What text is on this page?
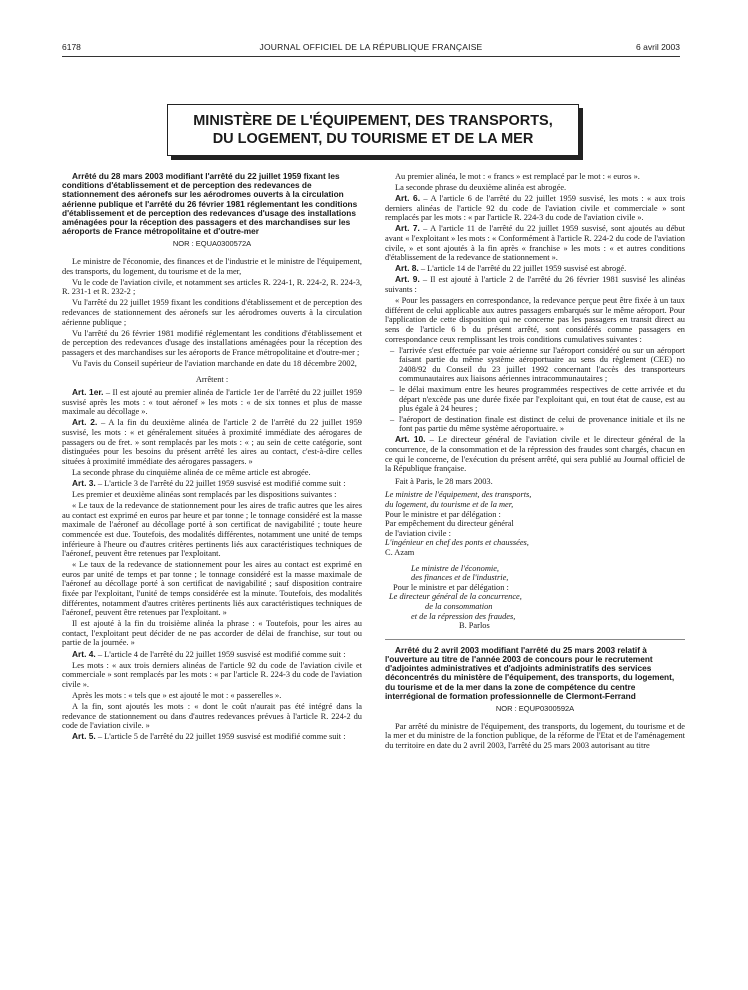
6178	JOURNAL OFFICIEL DE LA RÉPUBLIQUE FRANÇAISE	6 avril 2003
MINISTÈRE DE L'ÉQUIPEMENT, DES TRANSPORTS,
DU LOGEMENT, DU TOURISME ET DE LA MER

Arrêté du 28 mars 2003 modifiant l'arrêté du 22 juillet 1959 fixant les conditions d'établissement et de perception des redevances de stationnement des aéronefs sur les aérodromes ouverts à la circulation aérienne publique et l'arrêté du 26 février 1981 réglementant les conditions d'établissement et de perception des redevances d'usage des installations aménagées pour la réception des passagers et des marchandises sur les aéroports de France métropolitaine et d'outre-mer

NOR : EQUA0300572A

Le ministre de l'économie, des finances et de l'industrie et le ministre de l'équipement, des transports, du logement, du tourisme et de la mer,

Vu le code de l'aviation civile, et notamment ses articles R. 224-1, R. 224-2, R. 224-3, R. 231-1 et R. 232-2 ;

Vu l'arrêté du 22 juillet 1959 fixant les conditions d'établissement et de perception des redevances de stationnement des aéronefs sur les aérodromes ouverts à la circulation aérienne publique ;

Vu l'arrêté du 26 février 1981 modifié réglementant les conditions d'établissement et de perception des redevances d'usage des installations aménagées pour la réception des passagers et des marchandises sur les aéroports de France métropolitaine et d'outre-mer ;

Vu l'avis du Conseil supérieur de l'aviation marchande en date du 18 décembre 2002,

Arrêtent :

Art. 1er. – Il est ajouté au premier alinéa de l'article 1er de l'arrêté du 22 juillet 1959 susvisé après les mots : « tout aéronef » les mots : « de six tonnes et plus de masse maximale au décollage ».

Art. 2. – A la fin du deuxième alinéa de l'article 2 de l'arrêté du 22 juillet 1959 susvisé, les mots : « et généralement situées à proximité immédiate des aérogares de passagers ou de fret. » sont remplacés par les mots : « ; au sein de cette catégorie, sont distinguées pour les besoins du présent arrêté les aires au contact, c'est-à-dire celles situées à proximité immédiate des aérogares passagers. »

La seconde phrase du cinquième alinéa de ce même article est abrogée.

Art. 3. – L'article 3 de l'arrêté du 22 juillet 1959 susvisé est modifié comme suit :

Les premier et deuxième alinéas sont remplacés par les dispositions suivantes :

« Le taux de la redevance de stationnement pour les aires de trafic autres que les aires au contact est exprimé en euros par heure et par tonne ; le tonnage considéré est la masse maximale de l'aéronef au décollage porté à son certificat de navigabilité ; toute heure commencée est due. Toutefois, des modalités différentes, notamment une unité de temps inférieure à l'heure ou d'autres critères pertinents liés aux caractéristiques techniques de l'aéronef, peuvent être retenues par l'exploitant.

« Le taux de la redevance de stationnement pour les aires au contact est exprimé en euros par unité de temps et par tonne ; le tonnage considéré est la masse maximale de l'aéronef au décollage porté à son certificat de navigabilité ; sauf disposition contraire fixée par l'exploitant, l'unité de temps considérée est la minute. Toutefois, des modalités différentes, notamment d'autres critères pertinents liés aux caractéristiques techniques de l'aéronef, peuvent être retenues par l'exploitant. »

Il est ajouté à la fin du troisième alinéa la phrase : « Toutefois, pour les aires au contact, l'exploitant peut décider de ne pas accorder de délai de franchise, sur tout ou partie de la journée. »

Art. 4. – L'article 4 de l'arrêté du 22 juillet 1959 susvisé est modifié comme suit :

Les mots : « aux trois derniers alinéas de l'article 92 du code de l'aviation civile et commerciale » sont remplacés par les mots : « par l'article R. 224-3 du code de l'aviation civile ».

Après les mots : « tels que » est ajouté le mot : « passerelles ».

A la fin, sont ajoutés les mots : « dont le coût n'aurait pas été intégré dans la redevance de stationnement ou dans d'autres redevances prévues à l'article R. 224-2 du code de l'aviation civile. »

Art. 5. – L'article 5 de l'arrêté du 22 juillet 1959 susvisé est modifié comme suit :

Au premier alinéa, le mot : « francs » est remplacé par le mot : « euros ».

La seconde phrase du deuxième alinéa est abrogée.

Art. 6. – A l'article 6 de l'arrêté du 22 juillet 1959 susvisé, les mots : « aux trois derniers alinéas de l'article 92 du code de l'aviation civile et commerciale » sont remplacés par les mots : « par l'article R. 224-3 du code de l'aviation civile ».

Art. 7. – A l'article 11 de l'arrêté du 22 juillet 1959 susvisé, sont ajoutés au début avant « l'exploitant » les mots : « Conformément à l'article R. 224-2 du code de l'aviation civile, » et sont ajoutés à la fin après « franchise » les mots : « et autres conditions d'établissement de la redevance de stationnement ».

Art. 8. – L'article 14 de l'arrêté du 22 juillet 1959 susvisé est abrogé.

Art. 9. – Il est ajouté à l'article 2 de l'arrêté du 26 février 1981 susvisé les alinéas suivants :

« Pour les passagers en correspondance, la redevance perçue peut être fixée à un taux différent de celui applicable aux autres passagers embarqués sur le même aéroport. Pour l'application de cette disposition qui ne concerne pas les passagers en transit direct au sens de l'article 6 b du présent arrêté, sont considérés comme passagers en correspondance ceux remplissant les trois conditions cumulatives suivantes :

– l'arrivée s'est effectuée par voie aérienne sur l'aéroport considéré ou sur un aéroport faisant partie du même système aéroportuaire au sens du règlement (CEE) no 2408/92 du Conseil du 23 juillet 1992 concernant l'accès des transporteurs communautaires aux liaisons aériennes intracommunautaires ;
– le délai maximum entre les heures programmées respectives de cette arrivée et du départ n'excède pas une durée fixée par l'exploitant qui, en tout état de cause, est au plus égale à 24 heures ;
– l'aéroport de destination finale est distinct de celui de provenance initiale et ils ne font pas partie du même système aéroportuaire. »

Art. 10. – Le directeur général de l'aviation civile et le directeur général de la concurrence, de la consommation et de la répression des fraudes sont chargés, chacun en ce qui le concerne, de l'exécution du présent arrêté, qui sera publié au Journal officiel de la République française.

Fait à Paris, le 28 mars 2003.

Le ministre de l'équipement, des transports,

du logement, du tourisme et de la mer,

Pour le ministre et par délégation :

Par empêchement du directeur général

de l'aviation civile :

L'ingénieur en chef des ponts et chaussées,

C. Azam

Le ministre de l'économie,

des finances et de l'industrie,

Pour le ministre et par délégation :

Le directeur général de la concurrence,

de la consommation

et de la répression des fraudes,

B. Parlos

Arrêté du 2 avril 2003 modifiant l'arrêté du 25 mars 2003 relatif à l'ouverture au titre de l'année 2003 de concours pour le recrutement d'adjointes administratives et d'adjoints administratifs des services déconcentrés du ministère de l'équipement, des transports, du logement, du tourisme et de la mer dans la zone de compétence du centre interrégional de formation professionnelle de Clermont-Ferrand

NOR : EQUP0300592A

Par arrêté du ministre de l'équipement, des transports, du logement, du tourisme et de la mer et du ministre de la fonction publique, de la réforme de l'Etat et de l'aménagement du territoire en date du 2 avril 2003, l'arrêté du 25 mars 2003 autorisant au titre
